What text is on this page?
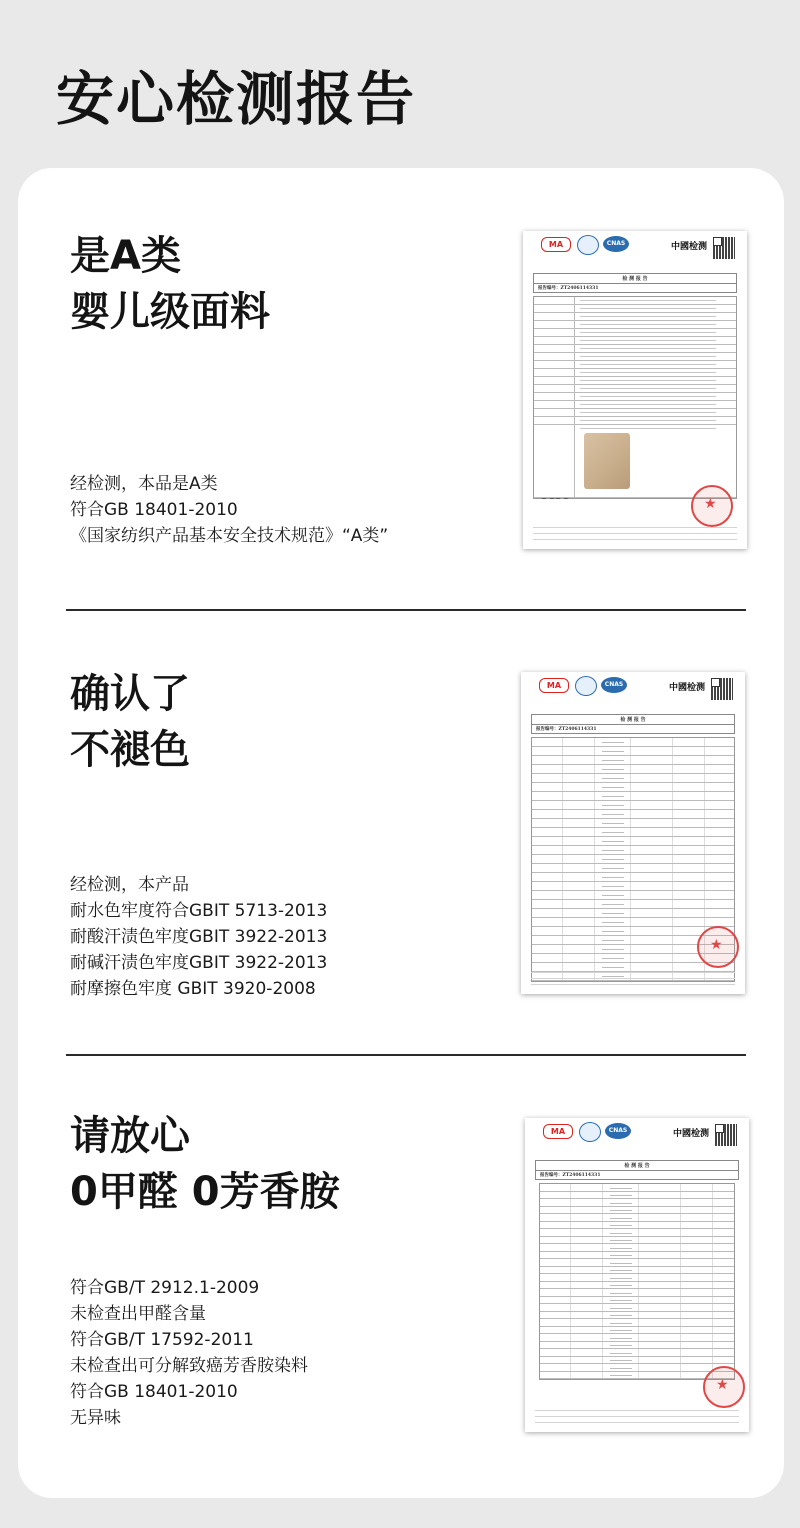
安心检测报告
是A类
婴儿级面料
经检测，本品是A类
符合GB 18401-2010
《国家纺织产品基本安全技术规范》“A类”
MA	CNAS	中國检测
检 测 报 告
报告编号：ZT2406114331
★
~ ~~ ~
确认了
不褪色
经检测，本产品
耐水色牢度符合GBIT 5713-2013
耐酸汗渍色牢度GBIT 3922-2013
耐碱汗渍色牢度GBIT 3922-2013
耐摩擦色牢度 GBIT 3920-2008
MA	CNAS	中國检测
检 测 报 告
报告编号：ZT2406114331
★
请放心
0甲醛 0芳香胺
符合GB/T 2912.1-2009
未检查出甲醛含量
符合GB/T 17592-2011
未检查出可分解致癌芳香胺染料
符合GB 18401-2010
无异味
MA	CNAS	中國检测
检 测 报 告
报告编号：ZT2406114331
★
